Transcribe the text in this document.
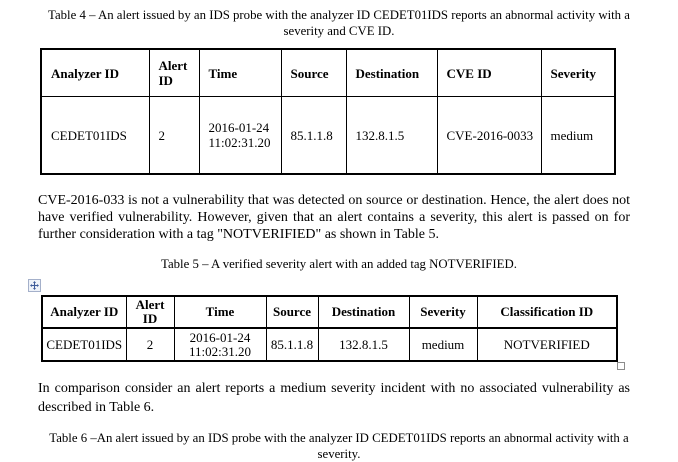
Table 4 – An alert issued by an IDS probe with the analyzer ID CEDET01IDS reports an abnormal activity with a severity and CVE ID.

Analyzer ID	Alert ID	Time	Source	Destination	CVE ID	Severity
CEDET01IDS	2	2016-01-24 11:02:31.20	85.1.1.8	132.8.1.5	CVE-2016-0033	medium

CVE-2016-033 is not a vulnerability that was detected on source or destination. Hence, the alert does not have verified vulnerability. However, given that an alert contains a severity, this alert is passed on for further consideration with a tag "NOTVERIFIED" as shown in Table 5.

Table 5 – A verified severity alert with an added tag NOTVERIFIED.

Analyzer ID	Alert ID	Time	Source	Destination	Severity	Classification ID
CEDET01IDS	2	2016-01-24 11:02:31.20	85.1.1.8	132.8.1.5	medium	NOTVERIFIED

In comparison consider an alert reports a medium severity incident with no associated vulnerability as described in Table 6.

Table 6 –An alert issued by an IDS probe with the analyzer ID CEDET01IDS reports an abnormal activity with a severity.
